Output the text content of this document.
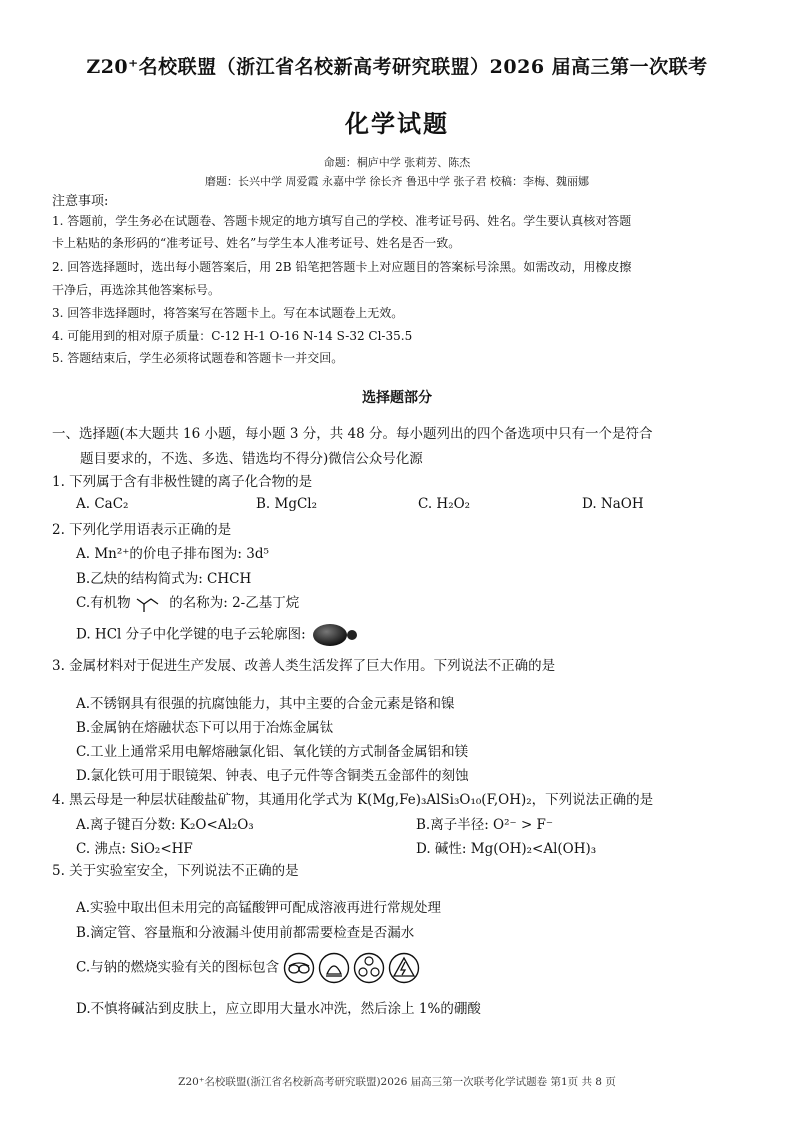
Z20⁺名校联盟（浙江省名校新高考研究联盟）2026 届高三第一次联考
化学试题
命题：桐庐中学 张莉芳、陈杰
磨题：长兴中学 周爱霞 永嘉中学 徐长齐 鲁迅中学 张子君 校稿：李梅、魏丽娜
注意事项:
1. 答题前，学生务必在试题卷、答题卡规定的地方填写自己的学校、准考证号码、姓名。学生要认真核对答题
卡上粘贴的条形码的“准考证号、姓名”与学生本人准考证号、姓名是否一致。
2. 回答选择题时，选出每小题答案后，用 2B 铅笔把答题卡上对应题目的答案标号涂黑。如需改动，用橡皮擦
干净后，再选涂其他答案标号。
3. 回答非选择题时，将答案写在答题卡上。写在本试题卷上无效。
4. 可能用到的相对原子质量：C-12 H-1 O-16 N-14 S-32 Cl-35.5
5. 答题结束后，学生必须将试题卷和答题卡一并交回。
选择题部分
一、选择题(本大题共 16 小题，每小题 3 分，共 48 分。每小题列出的四个备选项中只有一个是符合
题目要求的，不选、多选、错选均不得分)微信公众号化源
1. 下列属于含有非极性键的离子化合物的是
A. CaC₂	B. MgCl₂	C. H₂O₂	D. NaOH
2. 下列化学用语表示正确的是
A. Mn²⁺的价电子排布图为: 3d⁵
B.乙炔的结构简式为: CHCH
C.有机物	的名称为: 2-乙基丁烷
D. HCl 分子中化学键的电子云轮廓图:
3. 金属材料对于促进生产发展、改善人类生活发挥了巨大作用。下列说法不正确的是
A.不锈钢具有很强的抗腐蚀能力，其中主要的合金元素是铬和镍
B.金属钠在熔融状态下可以用于冶炼金属钛
C.工业上通常采用电解熔融氯化铝、氧化镁的方式制备金属铝和镁
D.氯化铁可用于眼镜架、钟表、电子元件等含铜类五金部件的刻蚀
4. 黑云母是一种层状硅酸盐矿物，其通用化学式为 K(Mg,Fe)₃AlSi₃O₁₀(F,OH)₂，下列说法正确的是
A.离子键百分数: K₂O<Al₂O₃	B.离子半径: O²⁻ > F⁻
C. 沸点: SiO₂<HF	D. 碱性: Mg(OH)₂<Al(OH)₃
5. 关于实验室安全，下列说法不正确的是
A.实验中取出但未用完的高锰酸钾可配成溶液再进行常规处理
B.滴定管、容量瓶和分液漏斗使用前都需要检查是否漏水
C.与钠的燃烧实验有关的图标包含
D.不慎将碱沾到皮肤上，应立即用大量水冲洗，然后涂上 1%的硼酸
Z20⁺名校联盟(浙江省名校新高考研究联盟)2026 届高三第一次联考化学试题卷 第1页 共 8 页
